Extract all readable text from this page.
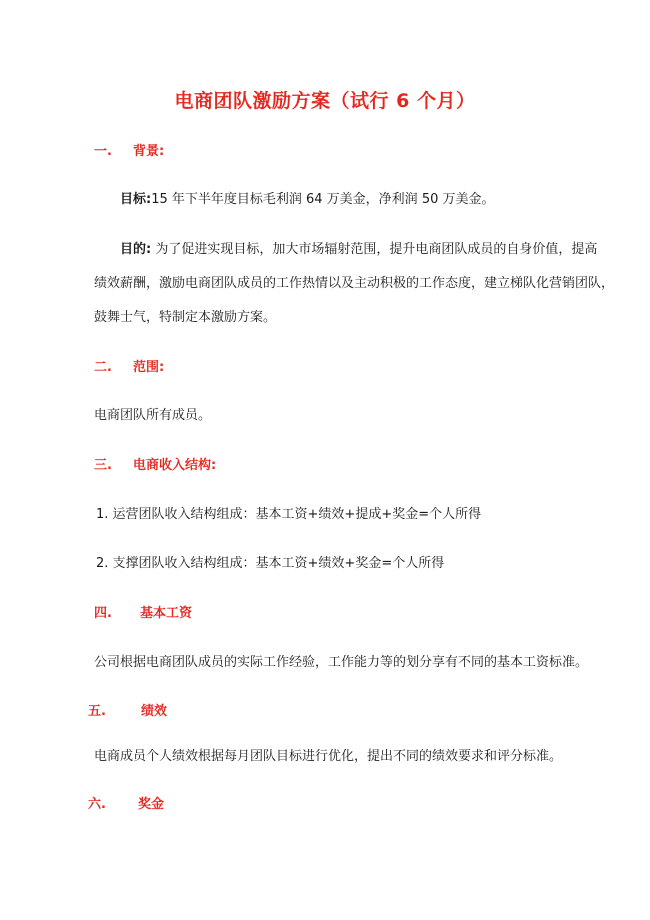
电商团队激励方案（试行 6 个月）
一. 背景:
目标:15 年下半年度目标毛利润 64 万美金，净利润 50 万美金。
目的: 为了促进实现目标，加大市场辐射范围，提升电商团队成员的自身价值，提高
绩效薪酬，激励电商团队成员的工作热情以及主动积极的工作态度，建立梯队化营销团队，
鼓舞士气，特制定本激励方案。
二. 范围:
电商团队所有成员。
三. 电商收入结构:
1. 运营团队收入结构组成：基本工资+绩效+提成+奖金=个人所得
2. 支撑团队收入结构组成：基本工资+绩效+奖金=个人所得
四. 基本工资
公司根据电商团队成员的实际工作经验，工作能力等的划分享有不同的基本工资标准。
五.	绩效
电商成员个人绩效根据每月团队目标进行优化，提出不同的绩效要求和评分标准。
六. 奖金
